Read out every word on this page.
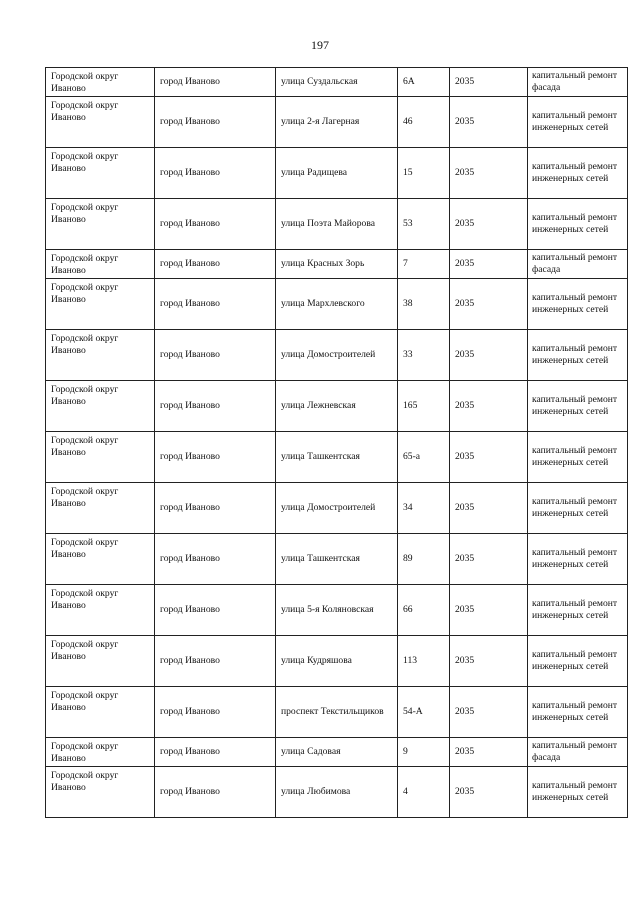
197
Городской округ Иваново	город Иваново	улица Суздальская	6А	2035	капитальный ремонт фасада

Городской округ Иваново	город Иваново	улица 2-я Лагерная	46	2035	капитальный ремонт инженерных сетей

Городской округ Иваново	город Иваново	улица Радищева	15	2035	капитальный ремонт инженерных сетей

Городской округ Иваново	город Иваново	улица Поэта Майорова	53	2035	капитальный ремонт инженерных сетей

Городской округ Иваново	город Иваново	улица Красных Зорь	7	2035	капитальный ремонт фасада

Городской округ Иваново	город Иваново	улица Мархлевского	38	2035	капитальный ремонт инженерных сетей

Городской округ Иваново	город Иваново	улица Домостроителей	33	2035	капитальный ремонт инженерных сетей

Городской округ Иваново	город Иваново	улица Лежневская	165	2035	капитальный ремонт инженерных сетей

Городской округ Иваново	город Иваново	улица Ташкентская	65-а	2035	капитальный ремонт инженерных сетей

Городской округ Иваново	город Иваново	улица Домостроителей	34	2035	капитальный ремонт инженерных сетей

Городской округ Иваново	город Иваново	улица Ташкентская	89	2035	капитальный ремонт инженерных сетей

Городской округ Иваново	город Иваново	улица 5-я Коляновская	66	2035	капитальный ремонт инженерных сетей

Городской округ Иваново	город Иваново	улица Кудряшова	113	2035	капитальный ремонт инженерных сетей

Городской округ Иваново	город Иваново	проспект Текстильщиков	54-А	2035	капитальный ремонт инженерных сетей

Городской округ Иваново	город Иваново	улица Садовая	9	2035	капитальный ремонт фасада

Городской округ Иваново	город Иваново	улица Любимова	4	2035	капитальный ремонт инженерных сетей
